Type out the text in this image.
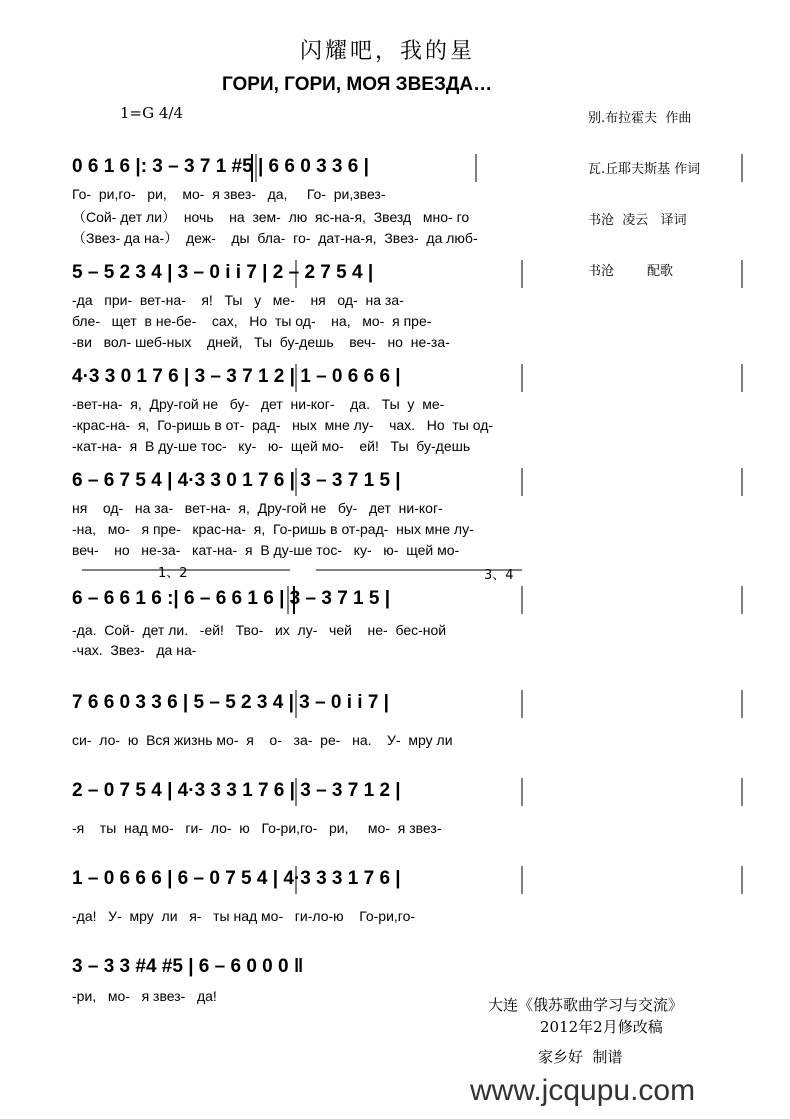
闪耀吧，我的星
ГОРИ, ГОРИ, МОЯ ЗВЕЗДА…
1=G 4/4

	别.布拉霍夫  作曲

瓦.丘耶夫斯基 作词

书沧  凌云   译词

书沧        配歌

0 6 1 6 |: 3 – 3 7 1 #5 | 6 6 0 3 3 6 |
Го-  ри,го-   ри,    мо-  я звез-   да,     Го-  ри,звез-
（Сой- дет ли）  ночь    на  зем-  лю  яс-на-я,  Звезд   мно- го
（Звез- да на-）  деж-    ды  бла-  го-  дат-на-я,  Звез-  да люб-
5 – 5 2 3 4 | 3 – 0 i i 7 | 2 – 2 7 5 4 |
-да   при-  вет-на-    я!   Ты   у   ме-    ня   од-  на за-
бле-   щет  в не-бе-    сах,   Но  ты од-    на,   мо-  я пре-
-ви   вол- шеб-ных    дней,   Ты  бу-дешь    веч-   но  не-за-
4·3 3 0 1 7 6 | 3 – 3 7 1 2 | 1 – 0 6 6 6 |
-вет-на-  я,  Дру-гой не   бу-   дет  ни-ког-    да.   Ты  у  ме-
-крас-на-  я,  Го-ришь в от-  рад-   ных  мне лу-    чах.   Но  ты од-
-кат-на-  я  В ду-ше тос-   ку-   ю-  щей мо-    ей!   Ты  бу-дешь
6 – 6 7 5 4 | 4·3 3 0 1 7 6 | 3 – 3 7 1 5 |
ня    од-   на за-   вет-на-  я,  Дру-гой не   бу-   дет  ни-ког-
-на,   мо-   я пре-   крас-на-  я,  Го-ришь в от-рад-  ных мне лу-
веч-    но   не-за-   кат-на-  я  В ду-ше тос-   ку-   ю-  щей мо-
1、2	3、4
6 – 6 6 1 6 :| 6 – 6 6 1 6 | 3 – 3 7 1 5 |
-да.  Сой-  дет ли.   -ей!   Тво-   их  лу-   чей    не-  бес-ной
-чах.  Звез-   да на-
7 6 6 0 3 3 6 | 5 – 5 2 3 4 | 3 – 0 i i 7 |
си-  ло-  ю  Вся жизнь мо-  я    о-   за-  ре-   на.    У-  мру ли
2 – 0 7 5 4 | 4·3 3 3 1 7 6 | 3 – 3 7 1 2 |
-я    ты  над мо-   ги-  ло-  ю   Го-ри,го-   ри,     мо-  я звез-
1 – 0 6 6 6 | 6 – 0 7 5 4 | 4·3 3 3 1 7 6 |
-да!   У-  мру  ли   я-   ты над мо-   ги-ло-ю    Го-ри,го-
3 – 3 3 #4 #5 | 6 – 6 0 0 0 ‖
-ри,   мо-   я звез-   да!	大连《俄苏歌曲学习与交流》
2012年2月修改稿
家乡好  制谱
www.jcqupu.com
